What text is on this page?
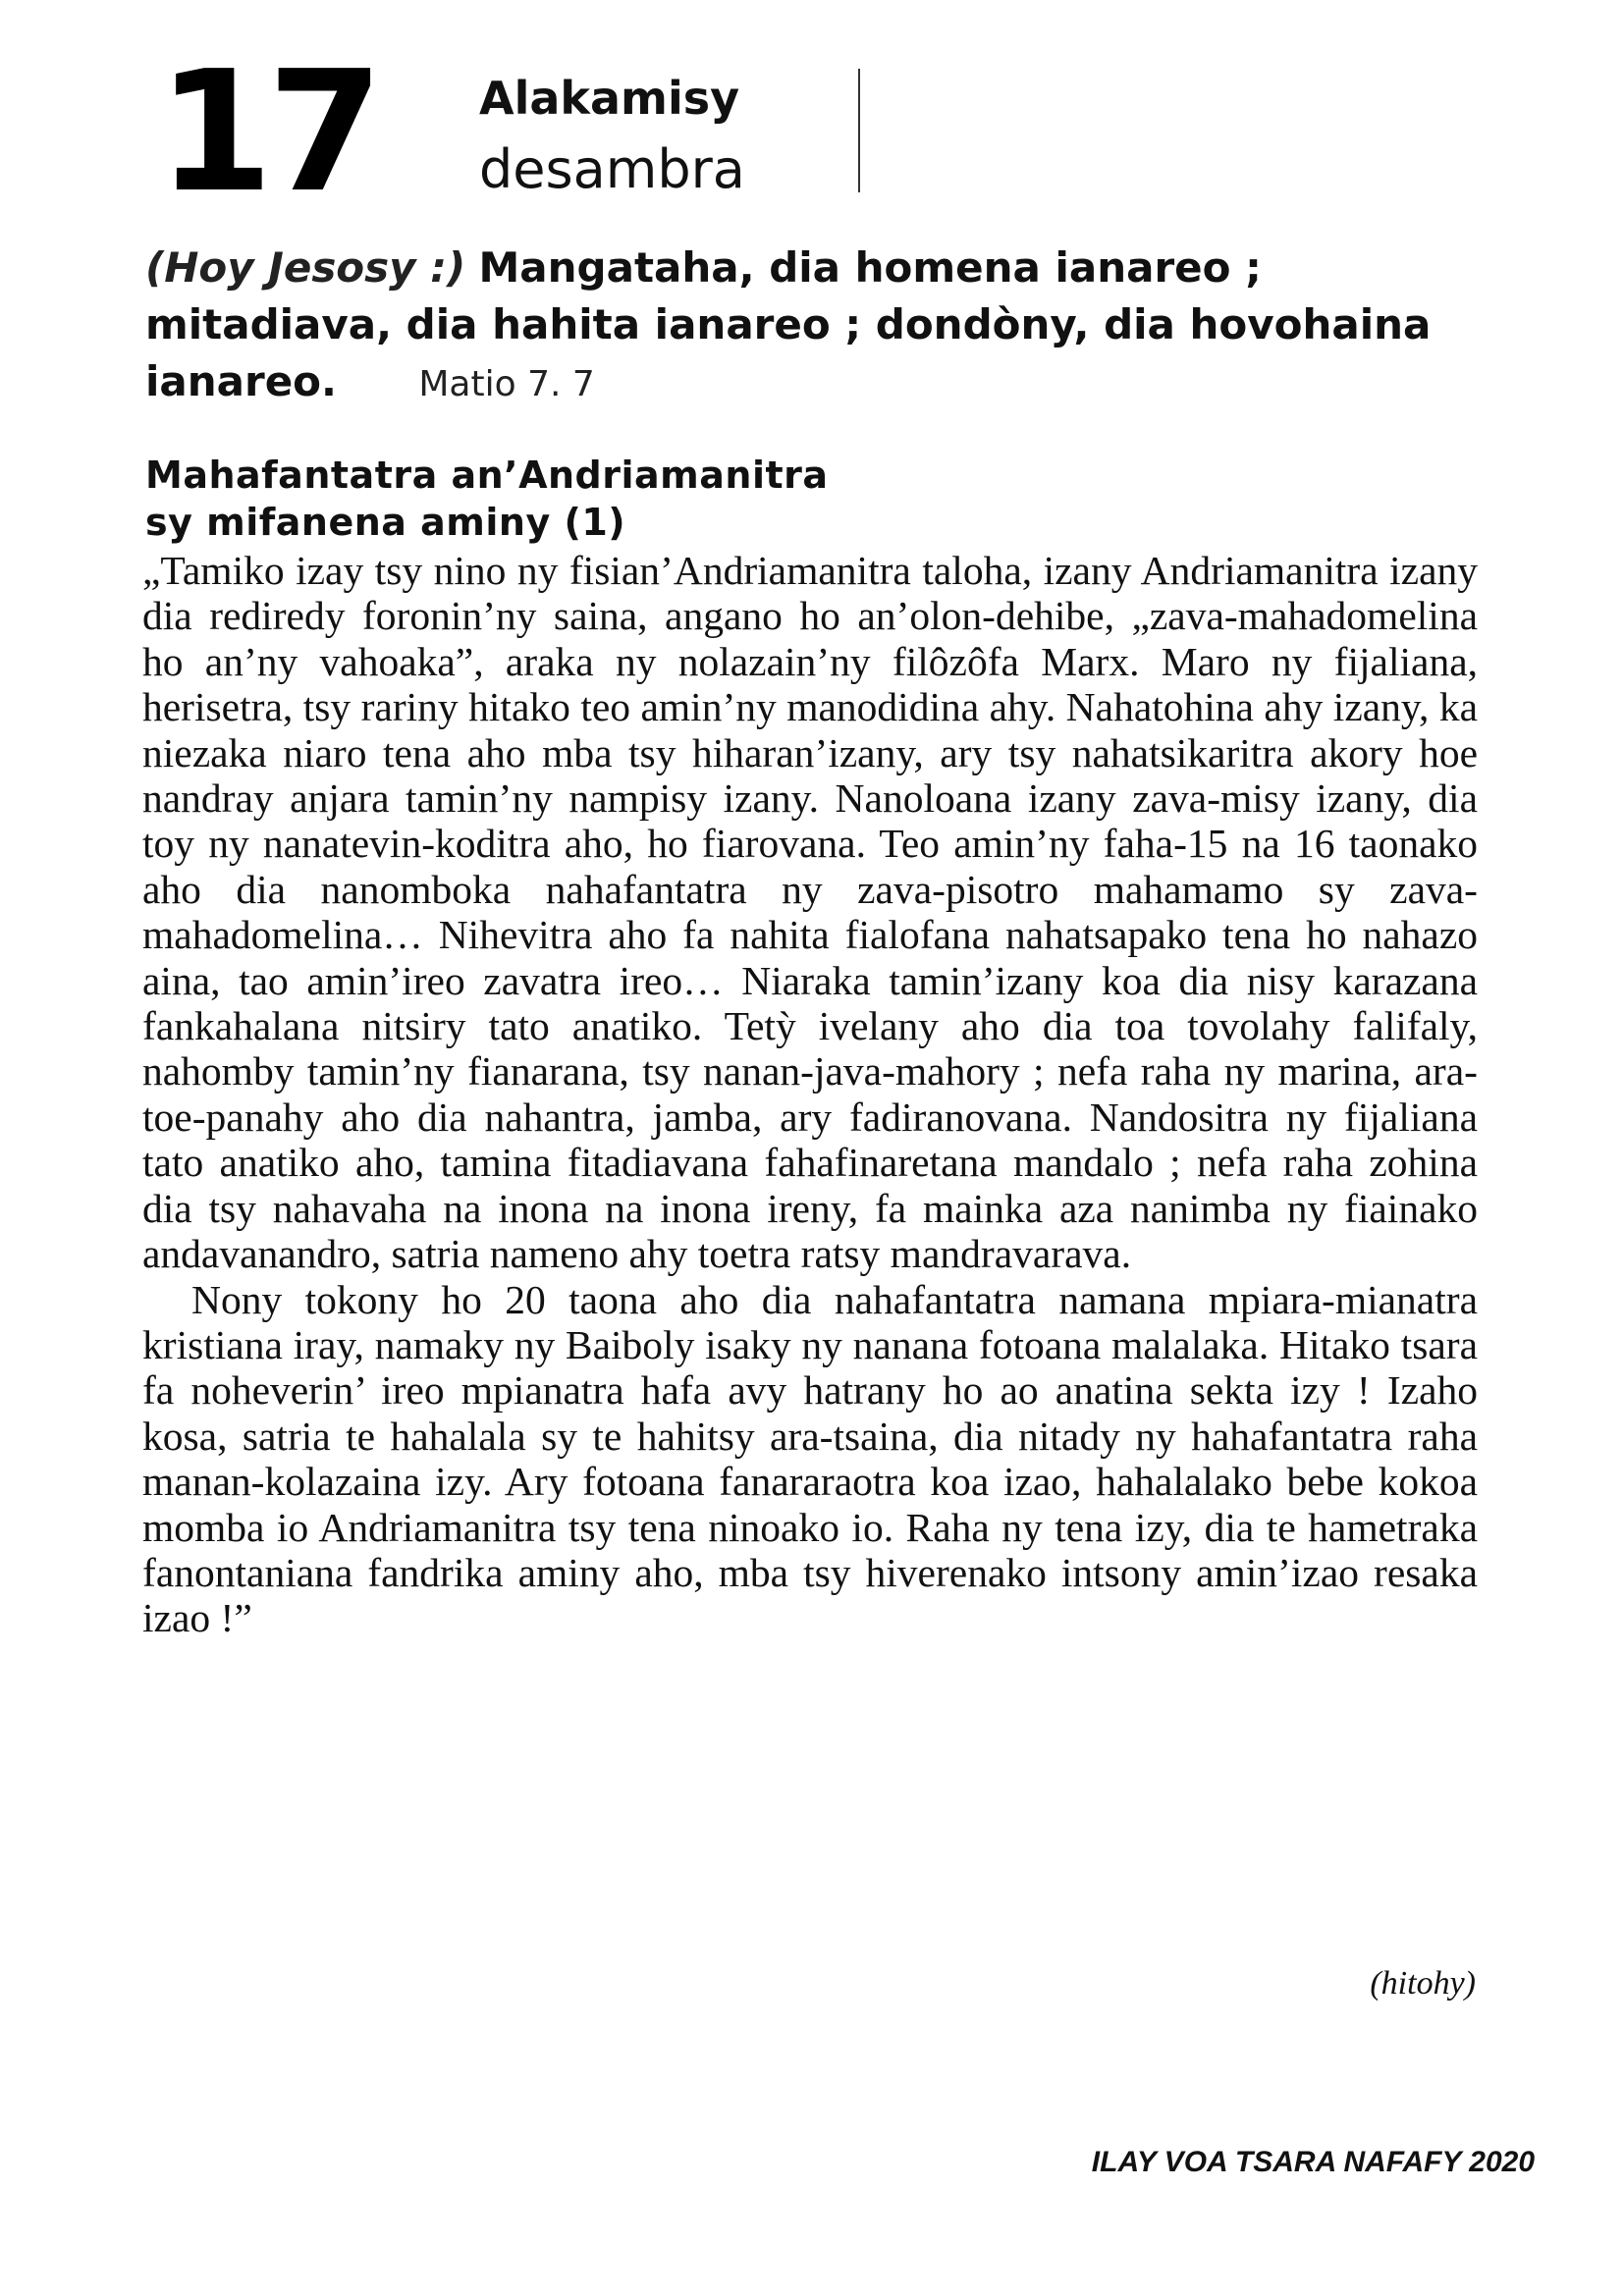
17 Alakamisy
desambra
(Hoy Jesosy :) Mangataha, dia homena ianareo ; mitadiava, dia hahita ianareo ; dondòny, dia hovohaina ianareo. Matio 7. 7
Mahafantatra an’Andriamanitra
sy mifanena aminy (1)

„Tamiko izay tsy nino ny fisian’Andriamanitra taloha, izany Andriamanitra izany dia rediredy foronin’ny saina, angano ho an’olon-dehibe, „zava-mahadomelina ho an’ny vahoaka”, araka ny nolazain’ny filôzôfa Marx. Maro ny fijaliana, herisetra, tsy rariny hitako teo amin’ny manodidina ahy. Nahatohina ahy izany, ka niezaka niaro tena aho mba tsy hiharan’izany, ary tsy nahatsikaritra akory hoe nandray anjara tamin’ny nampisy izany. Nanoloana izany zava-misy izany, dia toy ny nanatevin-koditra aho, ho fiarovana. Teo amin’ny faha-15 na 16 taonako aho dia nanomboka nahafantatra ny zava-pisotro mahamamo sy zava-mahadomelina… Nihevitra aho fa nahita fialofana nahatsapako tena ho nahazo aina, tao amin’ireo zavatra ireo… Niaraka tamin’izany koa dia nisy karazana fankahalana nitsiry tato anatiko. Tetỳ ivelany aho dia toa tovolahy falifaly, nahomby tamin’ny fianarana, tsy nanan-java-mahory ; nefa raha ny marina, ara-toe-panahy aho dia nahantra, jamba, ary fadiranovana. Nandositra ny fijaliana tato anatiko aho, tamina fitadiavana fahafinaretana mandalo ; nefa raha zohina dia tsy nahavaha na inona na inona ireny, fa mainka aza nanimba ny fiainako andavanandro, satria nameno ahy toetra ratsy mandravarava.

Nony tokony ho 20 taona aho dia nahafantatra namana mpiara-mianatra kristiana iray, namaky ny Baiboly isaky ny nanana fotoana malalaka. Hitako tsara fa noheverin’ ireo mpianatra hafa avy hatrany ho ao anatina sekta izy ! Izaho kosa, satria te hahalala sy te hahitsy ara-tsaina, dia nitady ny hahafantatra raha manan-kolazaina izy. Ary fotoana fanararaotra koa izao, hahalalako bebe kokoa momba io Andriamanitra tsy tena ninoako io. Raha ny tena izy, dia te hametraka fanontaniana fandrika aminy aho, mba tsy hiverenako intsony amin’izao resaka izao !”

(hitohy)
ILAY VOA TSARA NAFAFY 2020
